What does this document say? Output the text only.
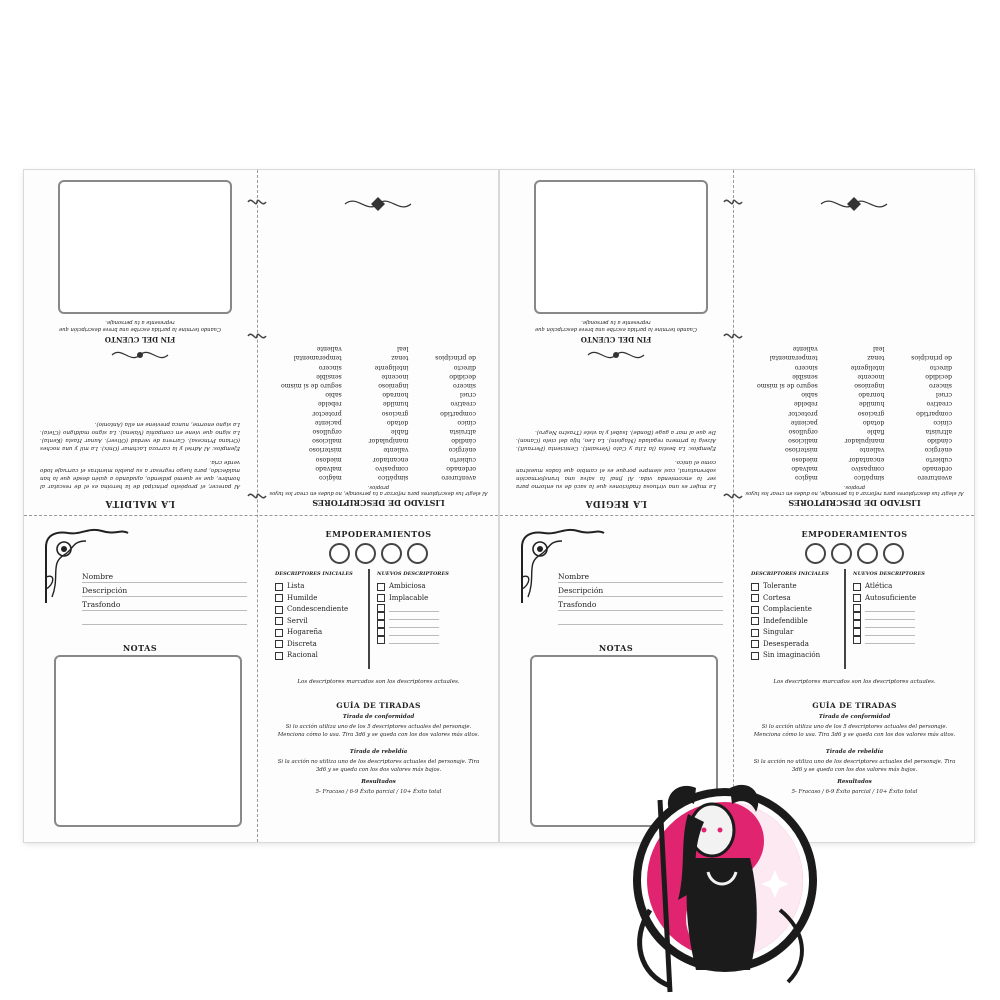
LA MALDITA

Al parecer, el propósito principal de la heroína es el de rescatar al hombre, que se quemó pidiendo, ayudando a quién desde que la han maldecido, para luego regresar a su pueblo mientras el carruaje todo verde cría.

Ejemplos: Al Adriel y la carroza Lachmar (Onix). La mil y una noches (Oriana Princesa). Carrera de verdad (Oliver). Aunar Hasta (Kenta). La signo que viene en compañía (Vaiena). La signo maldigno (Cleia). La signo enorme, nunca previene en ella (Antonio).

FIN DEL CUENTO
Cuando termine la partida escribe una breve descripción que represente a tu personaje.
LISTADO DE DESCRIPTORES
Al elegir tus descriptores para reforzar a tu personaje, no dudes en crear los tuyos propios.
aventurero
ordenado
cubierto
enérgico
cándido
altruista
cínico
compartido
creativo
cruel
sincero
decidido
directo
de principios
simpático
compasivo
encantador
valiente
manipulador
fiable
dotado
gracioso
humilde
honrado
ingenioso
inocente
inteligente
tenaz
leal
mágico
malvado
miedoso
misterioso
malicioso
orgulloso
paciente
protector
rebelde
sabio
seguro de sí mismo
sensible
sincero
temperamental
valiente
Nombre
Descripción
Trasfondo
NOTAS
EMPODERAMIENTOS
DESCRIPTORES INICIALES	NUEVOS DESCRIPTORES
Lista
Humilde
Condescendiente
Servil
Hogareña
Discreta
Racional
Ambiciosa
Implacable
Los descriptores marcados son los descriptores actuales.
GUÍA DE TIRADAS
Tirada de conformidad
Si lo acción utiliza uno de los 5 descriptores actuales del personaje. Menciona cómo lo usa. Tira 3d6 y se queda con los dos valores más altos.
Tirada de rebeldía
Si la acción no utiliza uno de los descriptores actuales del personaje. Tira 3d6 y se queda con los dos valores más bajos.
Resultados
5- Fracaso / 6-9 Éxito parcial / 10+ Éxito total
LA REGIDA

La mujer es una virtuosa tradiciones que la sacó de su entorno para ser la encomienda vida. Al final la salva una transformación sobrenatural, casi siempre porque es el cambio que todos muestran como el único.

Ejemplos: La bestia (la Lita y Cato (Versaint). Cenicienta (Perrault). Alzeig la primera regalada (Magisin). La Leo, hija del cielo (Canon). De que al mar a gage (Bonde). Isabel y la viste (Trastro Negro).

FIN DEL CUENTO
Cuando termine la partida escribe una breve descripción que represente a tu personaje.
LISTADO DE DESCRIPTORES
Al elegir tus descriptores para reforzar a tu personaje, no dudes en crear los tuyos propios.
aventurero
ordenado
cubierto
enérgico
cándido
altruista
cínico
compartido
creativo
cruel
sincero
decidido
directo
de principios
simpático
compasivo
encantador
valiente
manipulador
fiable
dotado
gracioso
humilde
honrado
ingenioso
inocente
inteligente
tenaz
leal
mágico
malvado
miedoso
misterioso
malicioso
orgulloso
paciente
protector
rebelde
sabio
seguro de sí mismo
sensible
sincero
temperamental
valiente
Nombre
Descripción
Trasfondo
NOTAS
EMPODERAMIENTOS
DESCRIPTORES INICIALES	NUEVOS DESCRIPTORES
Tolerante
Cortesa
Complaciente
Indefendible
Singular
Desesperada
Sin imaginación
Atlética
Autosuficiente
Los descriptores marcados son los descriptores actuales.
GUÍA DE TIRADAS
Tirada de conformidad
Si lo acción utiliza uno de los 5 descriptores actuales del personaje. Menciona cómo lo usa. Tira 3d6 y se queda con los dos valores más altos.
Tirada de rebeldía
Si la acción no utiliza uno de los descriptores actuales del personaje. Tira 3d6 y se queda con los dos valores más bajos.
Resultados
5- Fracaso / 6-9 Éxito parcial / 10+ Éxito total
